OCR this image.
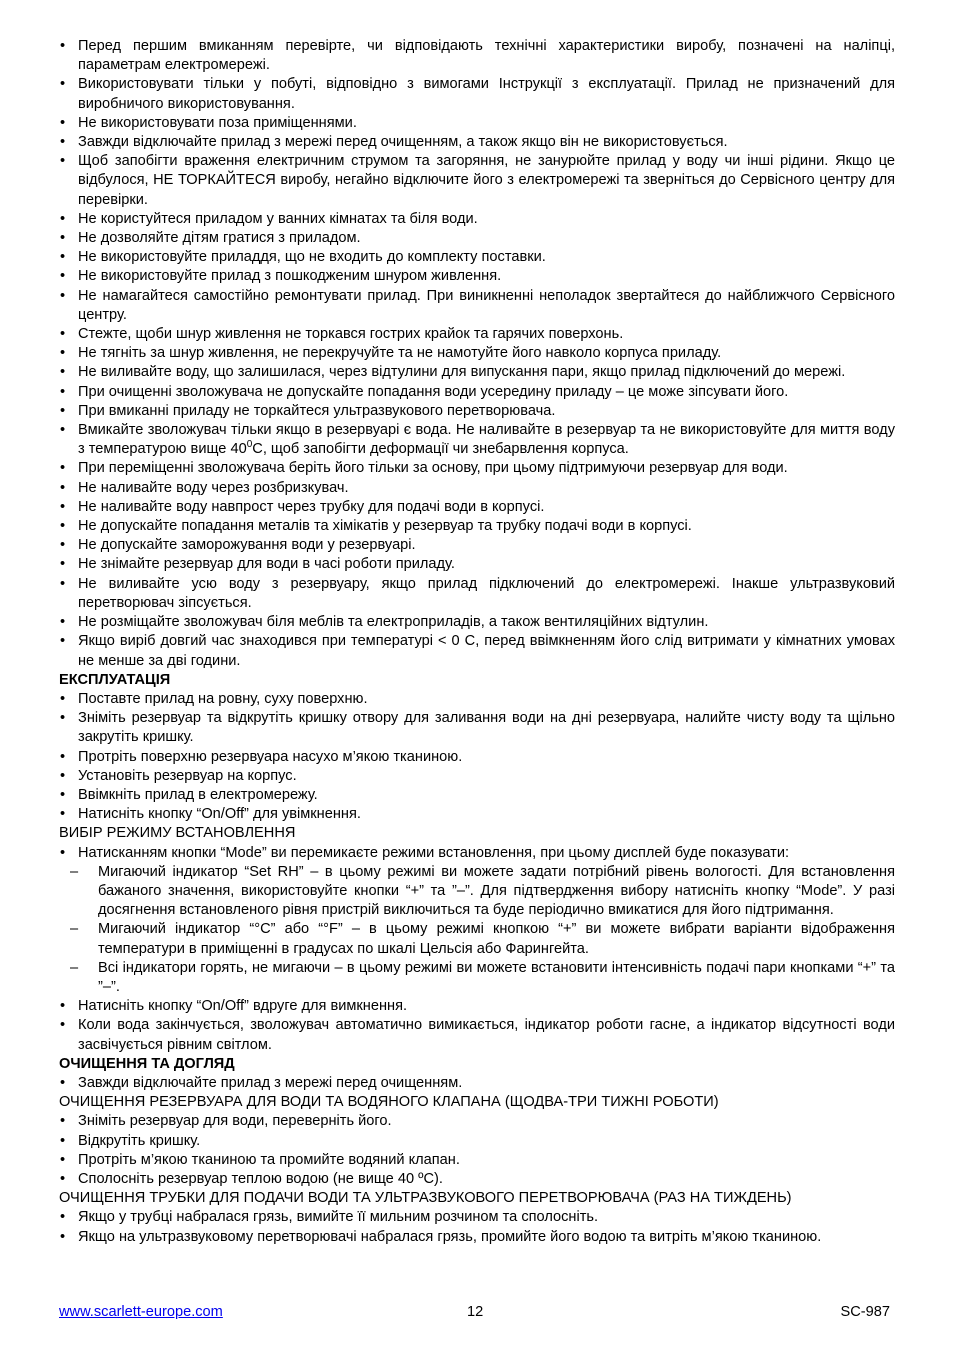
• Перед першим вмиканням перевірте, чи відповідають технічні характеристики виробу, позначені на наліпці, параметрам електромережі.
• Використовувати тільки у побуті, відповідно з вимогами Інструкції з експлуатації. Прилад не призначений для виробничого використовування.
• Не використовувати поза приміщеннями.
• Завжди відключайте прилад з мережі перед очищенням, а також якщо він не використовується.
• Щоб запобігти враження електричним струмом та загоряння, не занурюйте прилад у воду чи інші рідини. Якщо це відбулося, НЕ ТОРКАЙТЕСЯ виробу, негайно відключите його з електромережі та зверніться до Сервісного центру для перевірки.
• Не користуйтеся приладом у ванних кімнатах та біля води.
• Не дозволяйте дітям гратися з приладом.
• Не використовуйте приладдя, що не входить до комплекту поставки.
• Не використовуйте прилад з пошкодженим шнуром живлення.
• Не намагайтеся самостійно ремонтувати прилад. При виникненні неполадок звертайтеся до найближчого Сервісного центру.
• Стежте, щоби шнур живлення не торкався гострих крайок та гарячих поверхонь.
• Не тягніть за шнур живлення, не перекручуйте та не намотуйте його навколо корпуса приладу.
• Не виливайте воду, що залишилася, через відтулини для випускання пари, якщо прилад підключений до мережі.
• При очищенні зволожувача не допускайте попадання води усередину приладу – це може зіпсувати його.
• При вмиканні приладу не торкайтеся ультразвукового перетворювача.
• Вмикайте зволожувач тільки якщо в резервуарі є вода. Не наливайте в резервуар та не використовуйте для миття воду з температурою вище $40^0С$, щоб запобігти деформації чи знебарвлення корпуса.
• При переміщенні зволожувача беріть його тільки за основу, при цьому підтримуючи резервуар для води.
• Не наливайте воду через розбризкувач.
• Не наливайте воду навпрост через трубку для подачі води в корпусі.
• Не допускайте попадання металів та хімікатів у резервуар та трубку подачі води в корпусі.
• Не допускайте заморожування води у резервуарі.
• Не знімайте резервуар для води в часі роботи приладу.
• Не виливайте усю воду з резервуару, якщо прилад підключений до електромережі. Інакше ультразвуковий перетворювач зіпсується.
• Не розміщайте зволожувач біля меблів та електроприладів, а також вентиляційних відтулин.
• Якщо виріб довгий час знаходився при температурі < 0 С, перед ввімкненням його слід витримати у кімнатних умовах не менше за дві години.
ЕКСПЛУАТАЦІЯ
• Поставте прилад на ровну, суху поверхню.
• Зніміть резервуар та відкрутіть кришку отвору для заливання води на дні резервуара, налийте чисту воду та щільно закрутіть кришку.
• Протріть поверхню резервуара насухо м’якою тканиною.
• Установіть резервуар на корпус.
• Ввімкніть прилад в електромережу.
• Натисніть кнопку “On/Off” для увімкнення.
ВИБІР РЕЖИМУ ВСТАНОВЛЕННЯ
• Натисканням кнопки “Mode” ви перемикаєте режими встановлення, при цьому дисплей буде показувати:
– Мигаючий індикатор “Set RH” – в цьому режимі ви можете задати потрібний рівень вологості. Для встановлення бажаного значення, використовуйте кнопки “+” та ”–”. Для підтвердження вибору натисніть кнопку “Mode”. У разі досягнення встановленого рівня пристрій виключиться та буде періодично вмикатися для його підтримання.
– Мигаючий індикатор “°C” або “°F” – в цьому режимі кнопкою “+” ви можете вибрати варіанти відображення температури в приміщенні в градусах по шкалі Цельсія або Фарингейта.
– Всі індикатори горять, не мигаючи – в цьому режимі ви можете встановити інтенсивність подачі пари кнопками “+” та ”–”.
• Натисніть кнопку “On/Off” вдруге для вимкнення.
• Коли вода закінчується, зволожувач автоматично вимикається, індикатор роботи гасне, а індикатор відсутності води засвічується рівним світлом.
ОЧИЩЕННЯ ТА ДОГЛЯД
• Завжди відключайте прилад з мережі перед очищенням.
ОЧИЩЕННЯ РЕЗЕРВУАРА ДЛЯ ВОДИ ТА ВОДЯНОГО КЛАПАНА (ЩОДВА-ТРИ ТИЖНІ РОБОТИ)
• Зніміть резервуар для води, переверніть його.
• Відкрутіть кришку.
• Протріть м’якою тканиною та промийте водяний клапан.
• Сполосніть резервуар теплою водою (не вище 40 ºС).
ОЧИЩЕННЯ ТРУБКИ ДЛЯ ПОДАЧИ ВОДИ ТА УЛЬТРАЗВУКОВОГО ПЕРЕТВОРЮВАЧА (РАЗ НА ТИЖДЕНЬ)
• Якщо у трубці набралася грязь, вимийте її мильним розчином та сполосніть.
• Якщо на ультразвуковому перетворювачі набралася грязь, промийте його водою та витріть м’якою тканиною.
www.scarlett-europe.com	12	SC-987
